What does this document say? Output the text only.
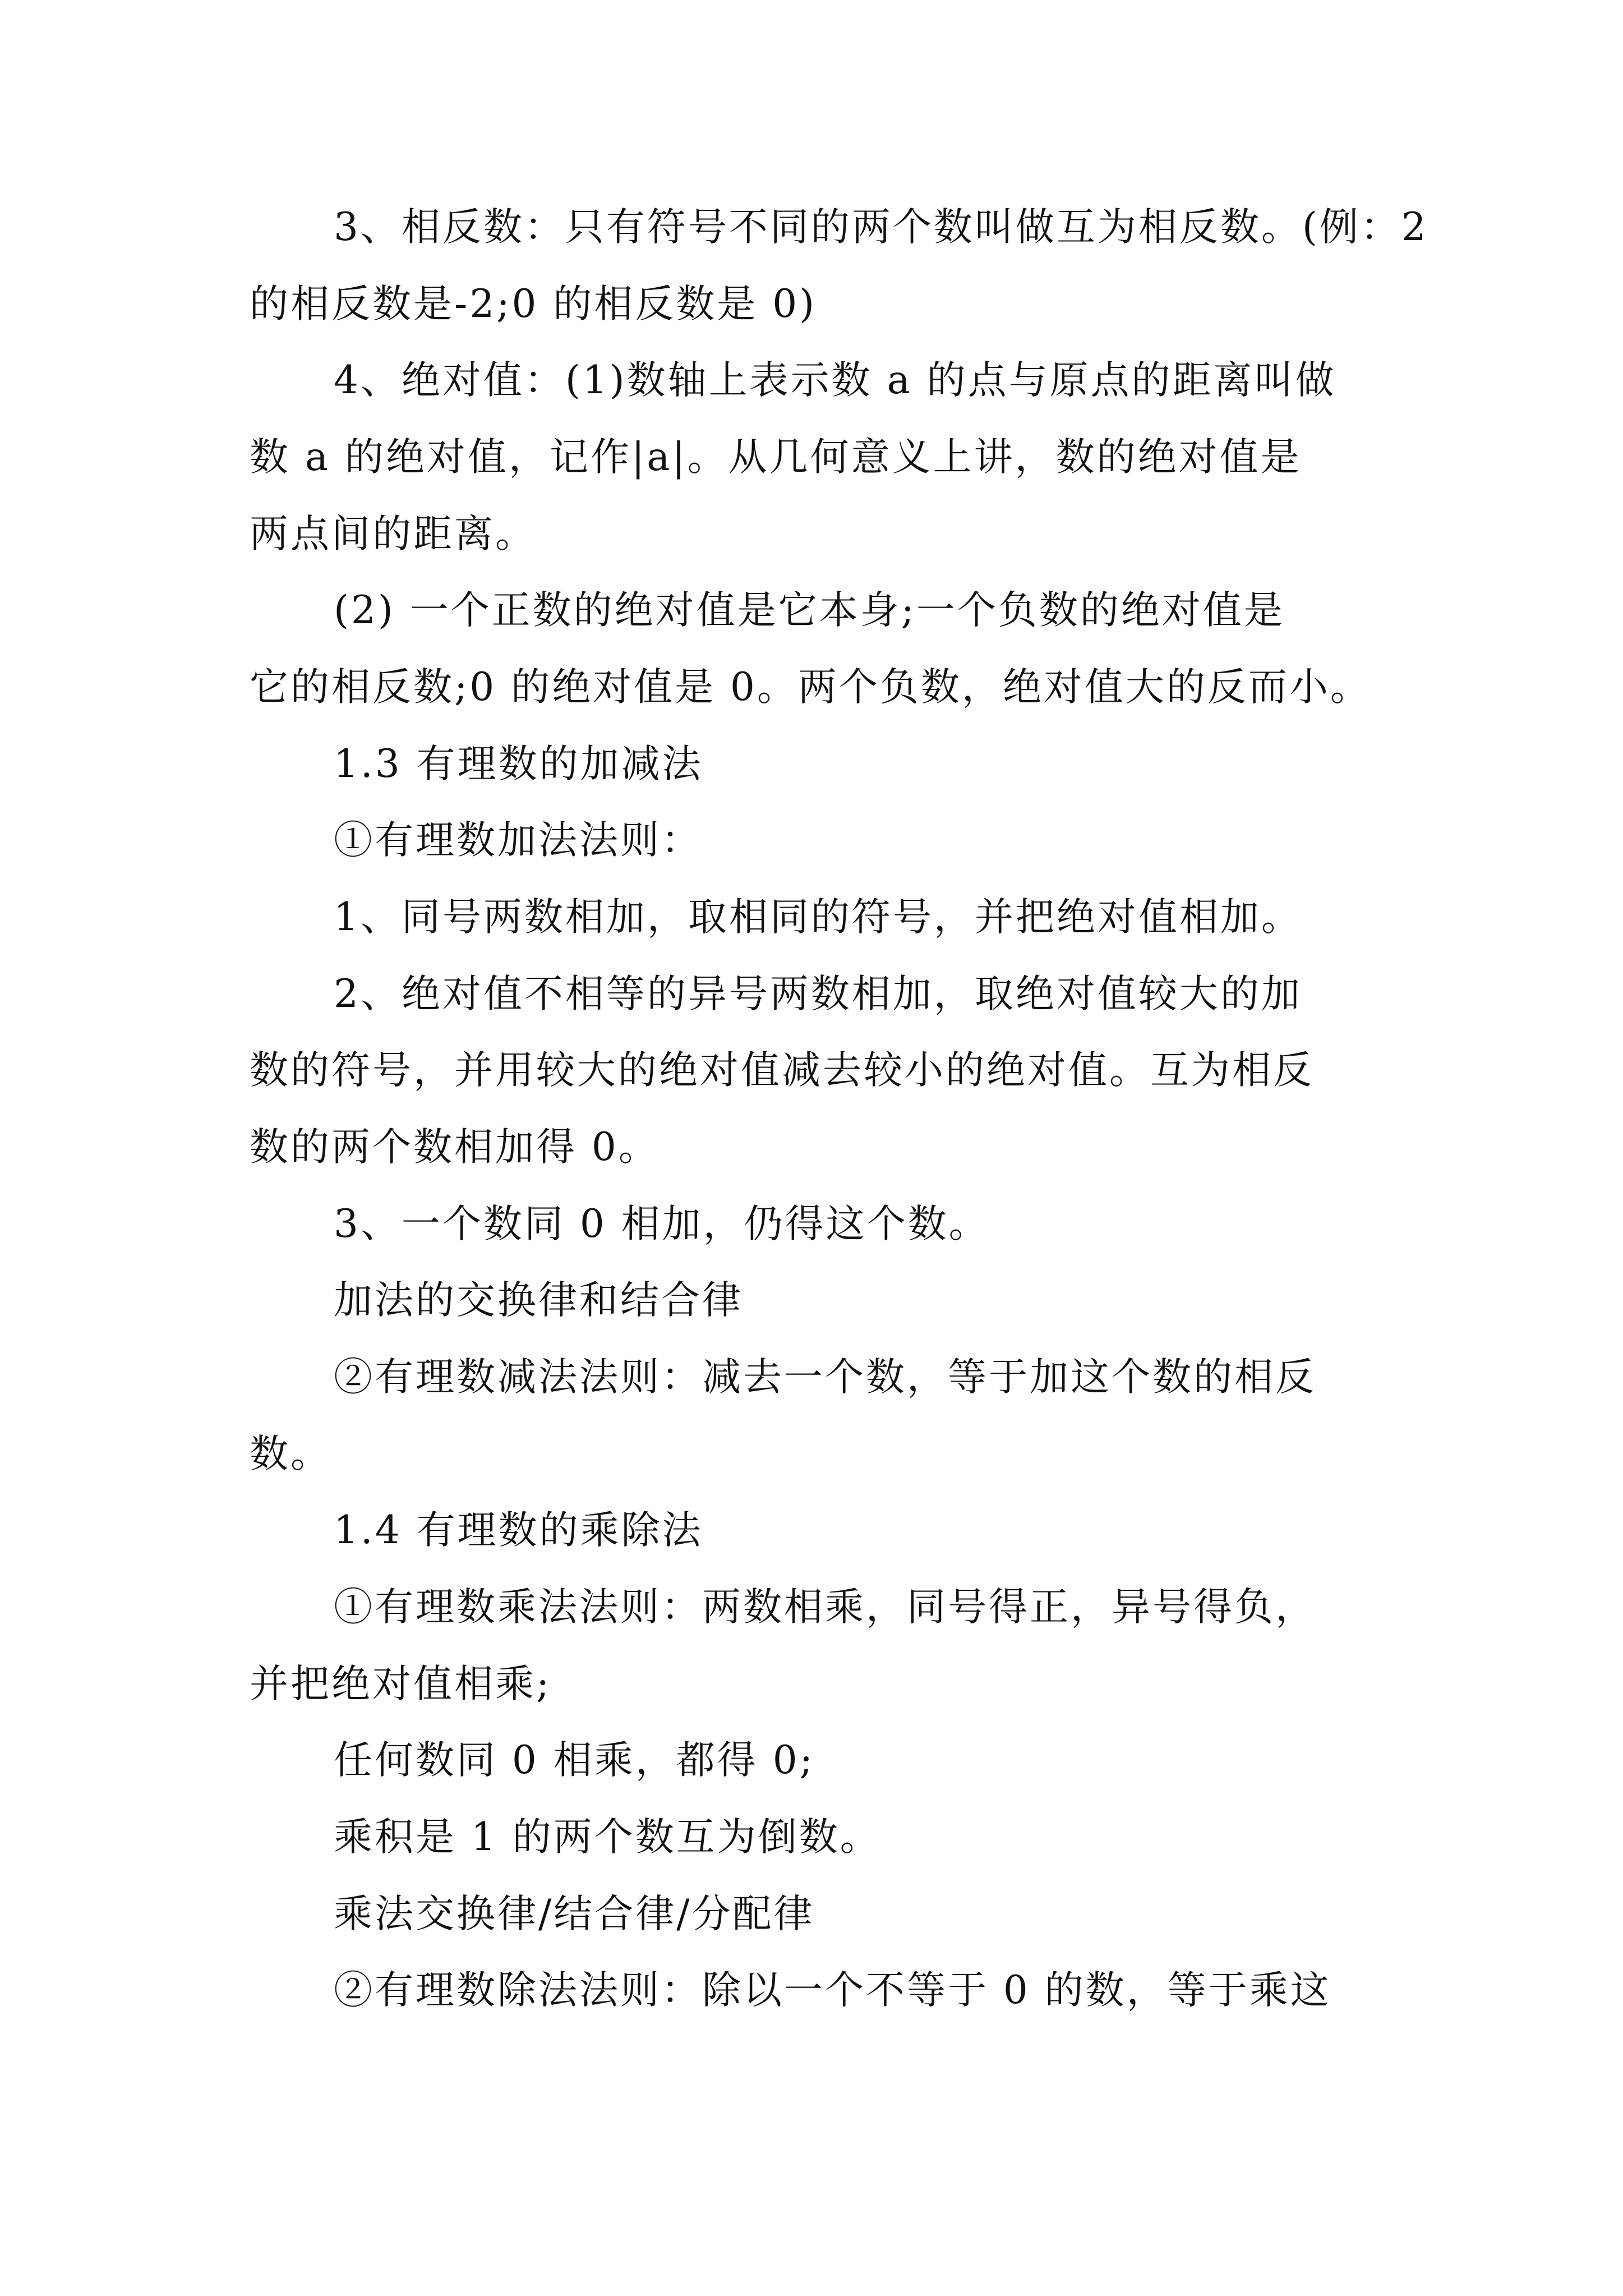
3、相反数：只有符号不同的两个数叫做互为相反数。(例：2

的相反数是-2;0 的相反数是 0)

4、绝对值：(1)数轴上表示数 a 的点与原点的距离叫做

数 a 的绝对值，记作|a|。从几何意义上讲，数的绝对值是

两点间的距离。

(2) 一个正数的绝对值是它本身;一个负数的绝对值是

它的相反数;0 的绝对值是 0。两个负数，绝对值大的反而小。

1.3 有理数的加减法

①有理数加法法则：

1、同号两数相加，取相同的符号，并把绝对值相加。

2、绝对值不相等的异号两数相加，取绝对值较大的加

数的符号，并用较大的绝对值减去较小的绝对值。互为相反

数的两个数相加得 0。

3、一个数同 0 相加，仍得这个数。

加法的交换律和结合律

②有理数减法法则：减去一个数，等于加这个数的相反

数。

1.4 有理数的乘除法

①有理数乘法法则：两数相乘，同号得正，异号得负，

并把绝对值相乘;

任何数同 0 相乘，都得 0;

乘积是 1 的两个数互为倒数。

乘法交换律/结合律/分配律

②有理数除法法则：除以一个不等于 0 的数，等于乘这
